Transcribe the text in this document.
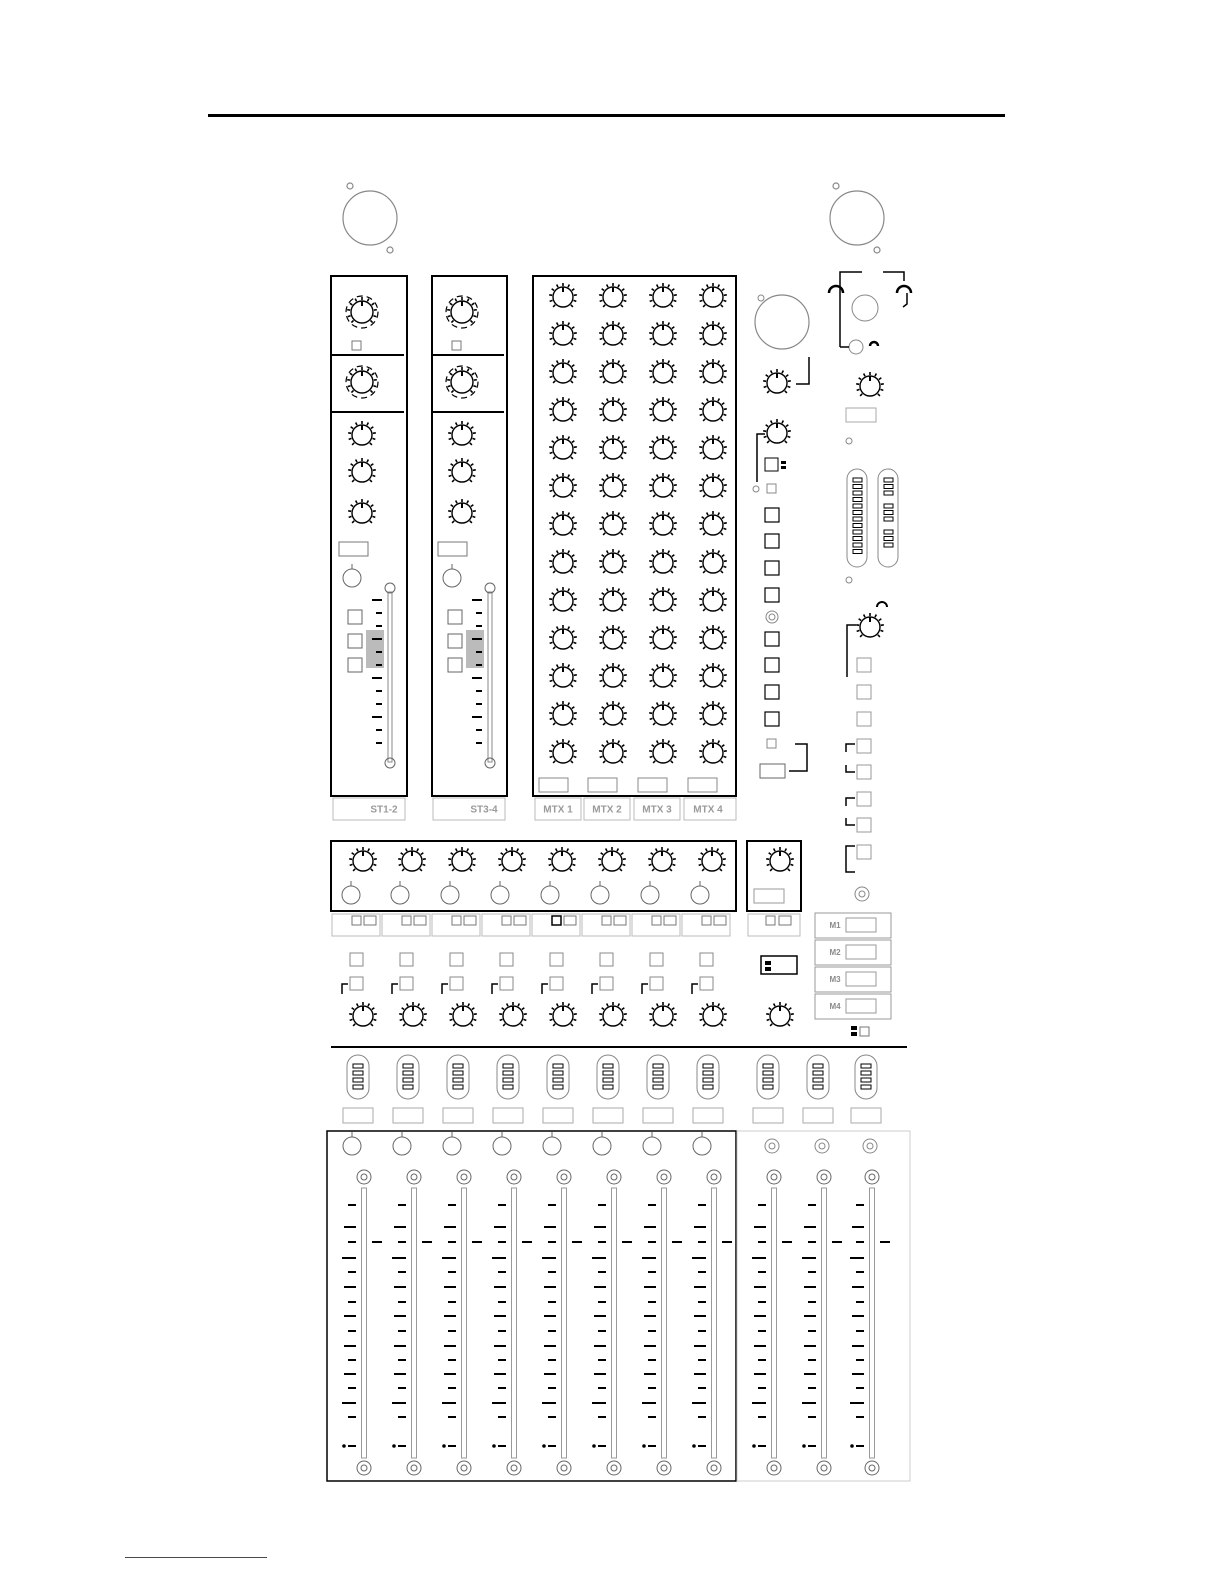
ST1-2	ST3-4	MTX 1 MTX 2 MTX 3 MTX 4
M1
M2
M3
M4
